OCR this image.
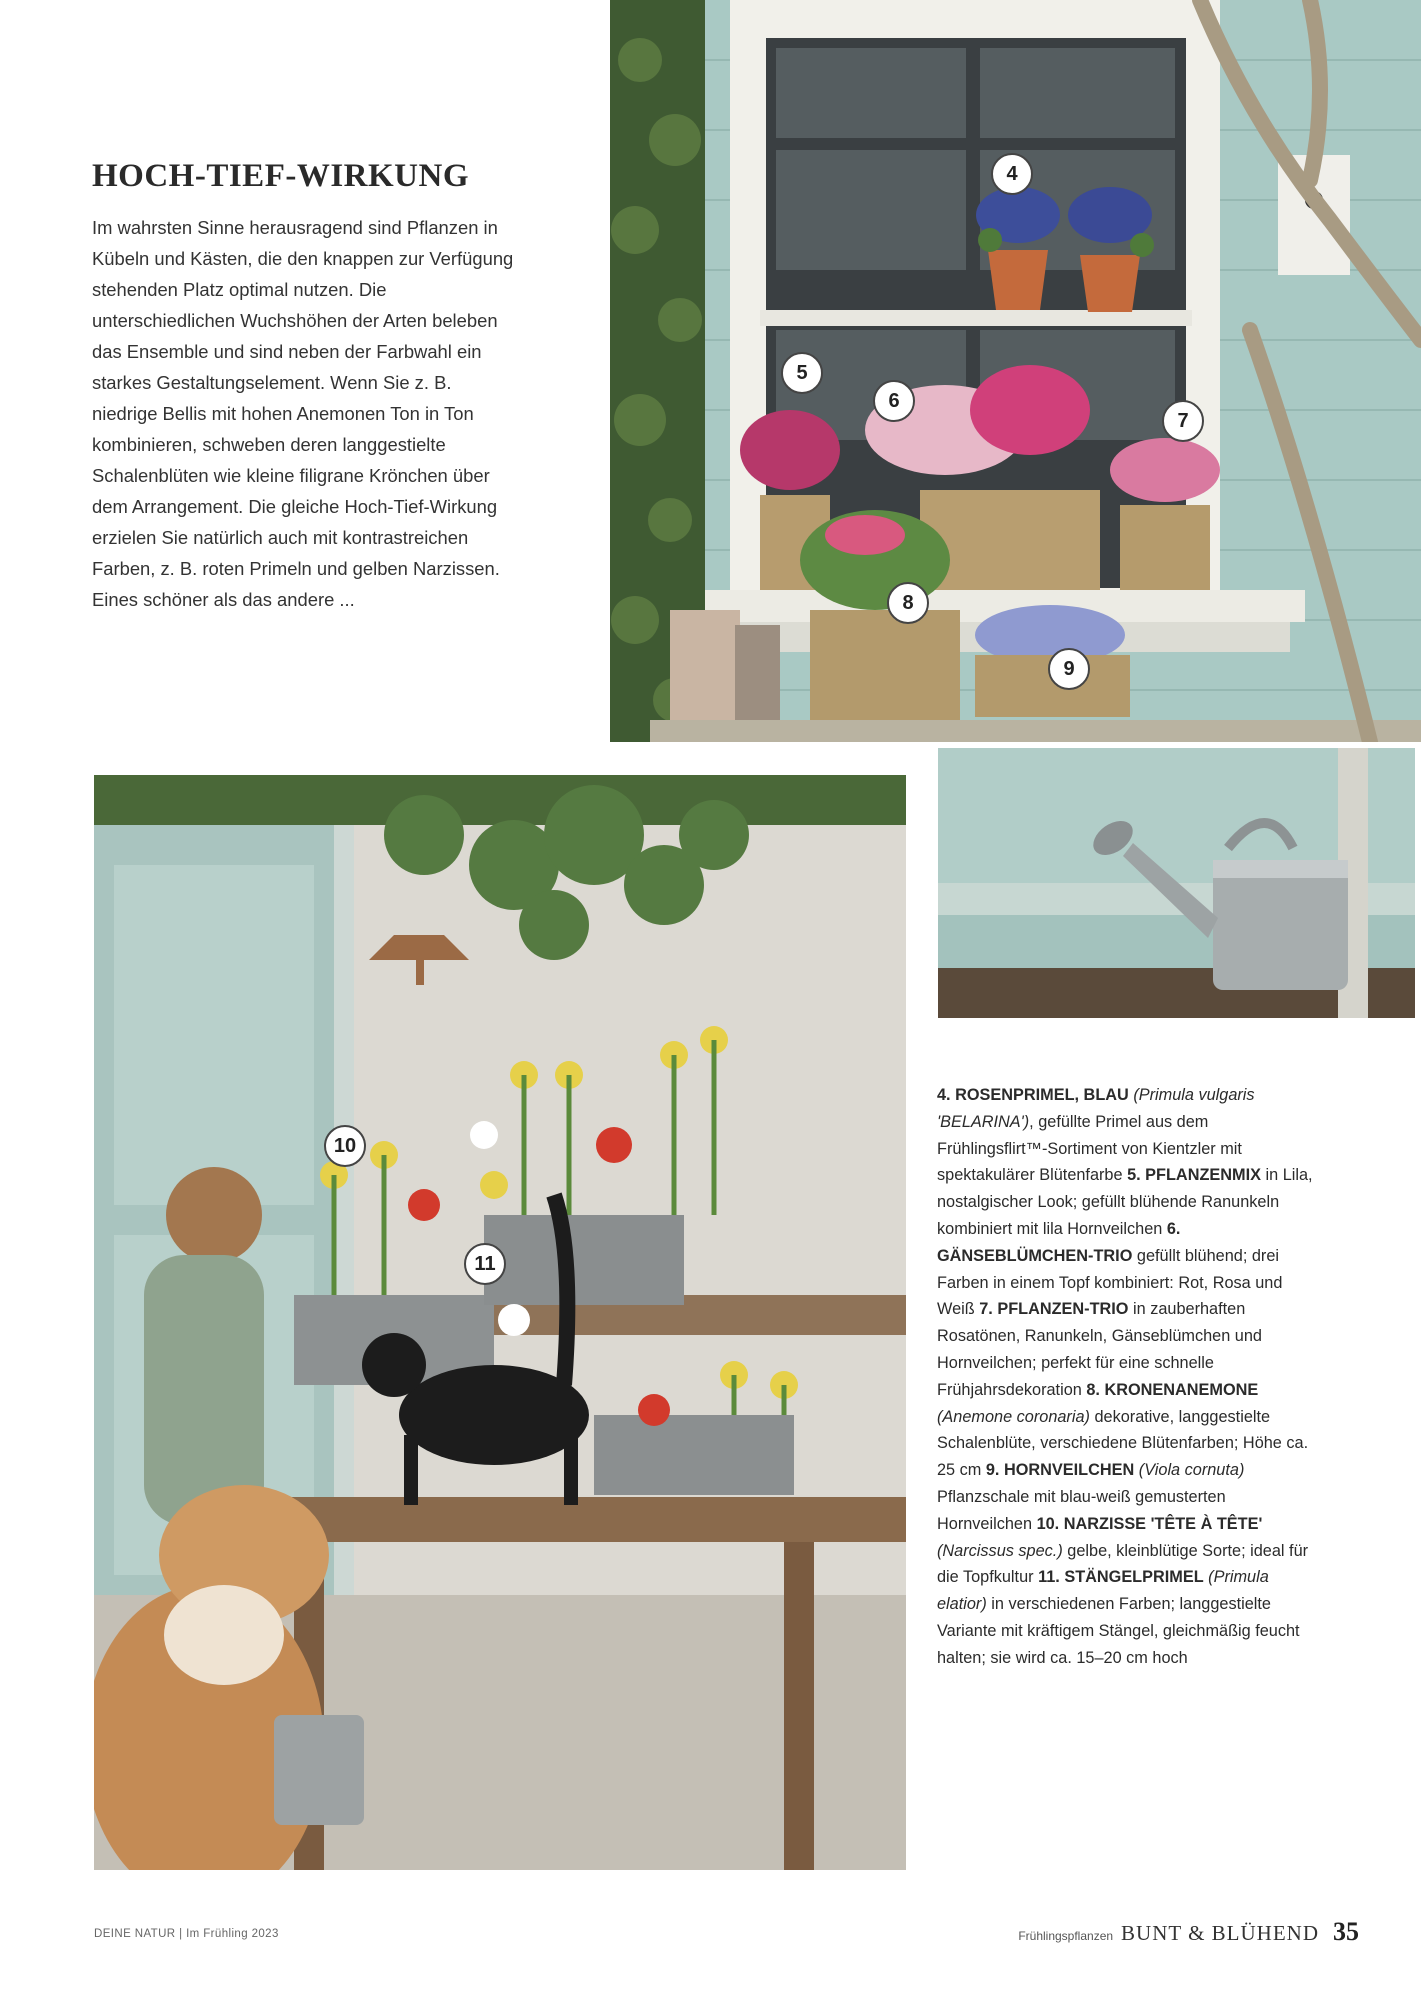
HOCH-TIEF-WIRKUNG
Im wahrsten Sinne herausragend sind Pflanzen in Kübeln und Kästen, die den knappen zur Verfügung stehenden Platz optimal nutzen. Die unterschiedlichen Wuchshöhen der Arten beleben das Ensemble und sind neben der Farbwahl ein starkes Gestaltungselement. Wenn Sie z. B. niedrige Bellis mit hohen Anemonen Ton in Ton kombinieren, schweben deren langgestielte Schalenblüten wie kleine filigrane Krönchen über dem Arrangement. Die gleiche Hoch-Tief-Wirkung erzielen Sie natürlich auch mit kontrastreichen Farben, z. B. roten Primeln und gelben Narzissen. Eines schöner als das andere ...
4
5
6
7
8
9
10
11
4. ROSENPRIMEL, BLAU (Primula vulgaris 'BELARINA'), gefüllte Primel aus dem Frühlingsflirt™-Sortiment von Kientzler mit spektakulärer Blütenfarbe 5. PFLANZENMIX in Lila, nostalgischer Look; gefüllt blühende Ranunkeln kombiniert mit lila Hornveilchen 6. GÄNSEBLÜMCHEN-TRIO gefüllt blühend; drei Farben in einem Topf kombiniert: Rot, Rosa und Weiß 7. PFLANZEN-TRIO in zauberhaften Rosatönen, Ranunkeln, Gänseblümchen und Hornveilchen; perfekt für eine schnelle Frühjahrsdekoration 8. KRONENANEMONE (Anemone coronaria) dekorative, langgestielte Schalenblüte, verschiedene Blütenfarben; Höhe ca. 25 cm 9. HORNVEILCHEN (Viola cornuta) Pflanzschale mit blau-weiß gemusterten Hornveilchen 10. NARZISSE 'TÊTE À TÊTE' (Narcissus spec.) gelbe, kleinblütige Sorte; ideal für die Topfkultur 11. STÄNGELPRIMEL (Primula elatior) in verschiedenen Farben; langgestielte Variante mit kräftigem Stängel, gleichmäßig feucht halten; sie wird ca. 15–20 cm hoch
DEINE NATUR | Im Frühling 2023	Frühlingspflanzen BUNT & BLÜHEND 35
